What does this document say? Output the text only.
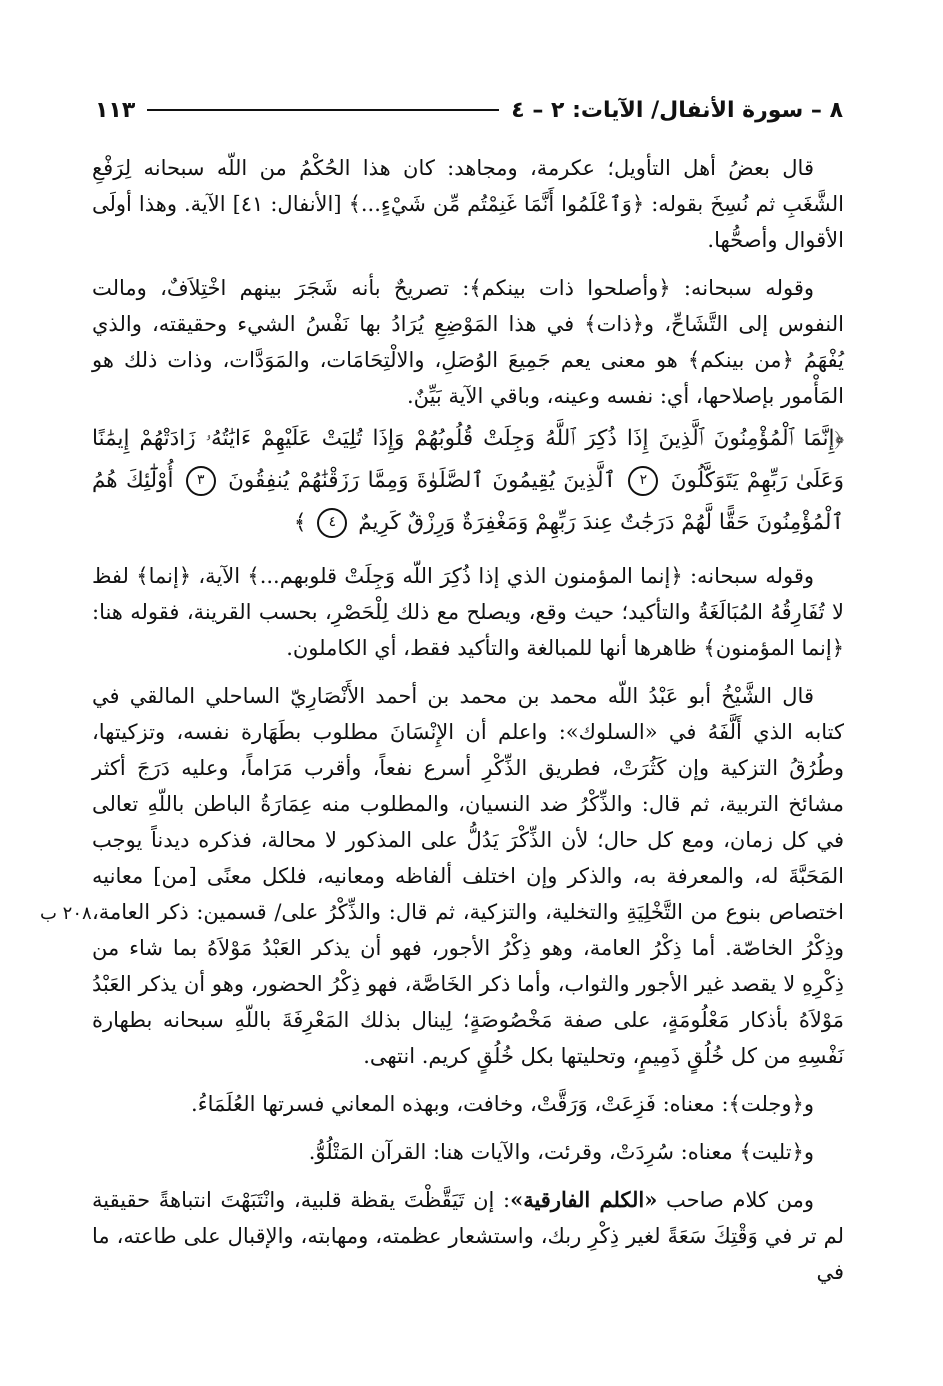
٨ – سورة الأنفال/ الآيات: ٢ – ٤
١١٣
٢٠٨ ب

قال بعضُ أهل التأويل؛ عكرمة، ومجاهد: كان هذا الحُكْمُ من اللّه سبحانه لِرَفْعِ الشَّغَبِ ثم نُسِخَ بقوله: ﴿وَٱعْلَمُوا أَنَّمَا غَنِمْتُم مِّن شَيْءٍ...﴾ [الأنفال: ٤١] الآية. وهذا أولَى الأقوال وأصحُّها.

وقوله سبحانه: ﴿وأصلحوا ذات بينكم﴾: تصريحٌ بأنه شَجَرَ بينهم اخْتِلاَفٌ، ومالت النفوس إلى التَّشَاحِّ، و﴿ذات﴾ في هذا المَوْضِعِ يُرَادُ بها نَفْسُ الشيء وحقيقته، والذي يُفْهَمُ ﴿من بينكم﴾ هو معنى يعم جَمِيعَ الوُصَلِ، والالْتِحَامَات، والمَوَدَّات، وذات ذلك هو المَأْمور بإصلاحها، أي: نفسه وعينه، وباقي الآية بَيِّنٌ.

﴿إِنَّمَا ٱلْمُؤْمِنُونَ ٱلَّذِينَ إِذَا ذُكِرَ ٱللَّهُ وَجِلَتْ قُلُوبُهُمْ وَإِذَا تُلِيَتْ عَلَيْهِمْ ءَايَٰتُهُۥ زَادَتْهُمْ إِيمَٰنًا وَعَلَىٰ رَبِّهِمْ يَتَوَكَّلُونَ ٢ ٱلَّذِينَ يُقِيمُونَ ٱلصَّلَوٰةَ وَمِمَّا رَزَقْنَٰهُمْ يُنفِقُونَ ٣ أُوْلَٰٓئِكَ هُمُ ٱلْمُؤْمِنُونَ حَقًّا لَّهُمْ دَرَجَٰتٌ عِندَ رَبِّهِمْ وَمَغْفِرَةٌ وَرِزْقٌ كَرِيمٌ ٤ ﴾

وقوله سبحانه: ﴿إنما المؤمنون الذي إذا ذُكِرَ اللّه وَجِلَتْ قلوبهم...﴾ الآية، ﴿إنما﴾ لفظ لا تُفَارِقُهُ المُبَالَغَةُ والتأكيد؛ حيث وقع، ويصلح مع ذلك لِلْحَصْرِ، بحسب القرينة، فقوله هنا: ﴿إنما المؤمنون﴾ ظاهرها أنها للمبالغة والتأكيد فقط، أي الكاملون.

قال الشَّيْخُ أبو عَبْدُ اللّه محمد بن محمد بن أحمد الأَنْصَارِيّ الساحلي المالقي في كتابه الذي أَلَّفَهُ في «السلوك»: واعلم أن الإِنْسَانَ مطلوب بطَهَارة نفسه، وتزكيتها، وطُرُقُ التزكية وإن كَثُرَتْ، فطريق الذِّكْرِ أسرع نفعاً، وأقرب مَرَاماً، وعليه دَرَجَ أكثر مشائخ التربية، ثم قال: والذِّكْرُ ضد النسيان، والمطلوب منه عِمَارَةُ الباطن باللّهِ تعالى في كل زمان، ومع كل حال؛ لأن الذِّكْرَ يَدُلُّ على المذكور لا محالة، فذكره ديدناً يوجب المَحَبَّةَ له، والمعرفة به، والذكر وإن اختلف ألفاظه ومعانيه، فلكل معنًى [من] معانيه اختصاص بنوع من التَّخْلِيَةِ والتخلية، والتزكية، ثم قال: والذِّكْرُ على/ قسمين: ذكر العامة، وذِكْرُ الخاصّة. أما ذِكْرُ العامة، وهو ذِكْرُ الأجور، فهو أن يذكر العَبْدُ مَوْلاَهُ بما شاء من ذِكْرِهِ لا يقصد غير الأجور والثواب، وأما ذكر الخَاصَّة، فهو ذِكْرُ الحضور، وهو أن يذكر العَبْدُ مَوْلاَهُ بأذكار مَعْلُومَةٍ، على صفة مَخْصُوصَةٍ؛ لِينال بذلك المَعْرِفَةَ باللّهِ سبحانه بطهارة نَفْسِهِ من كل خُلُقٍ ذَمِيمٍ، وتحليتها بكل خُلُقٍ كريم. انتهى.

و﴿وجلت﴾: معناه: فَزِعَتْ، وَرَقَّتْ، وخافت، وبهذه المعاني فسرتها العُلَمَاءُ.

و﴿تليت﴾ معناه: سُرِدَتْ، وقرئت، والآيات هنا: القرآن المَتْلُوُّ.

ومن كلام صاحب «الكلم الفارقية»: إن تَيَقَّظْتَ يقظة قلبية، وانْتَبَهْتَ انتباهةً حقيقية لم تر في وَقْتِكَ سَعَةً لغير ذِكْرِ ربك، واستشعار عظمته، ومهابته، والإقبال على طاعته، ما في
